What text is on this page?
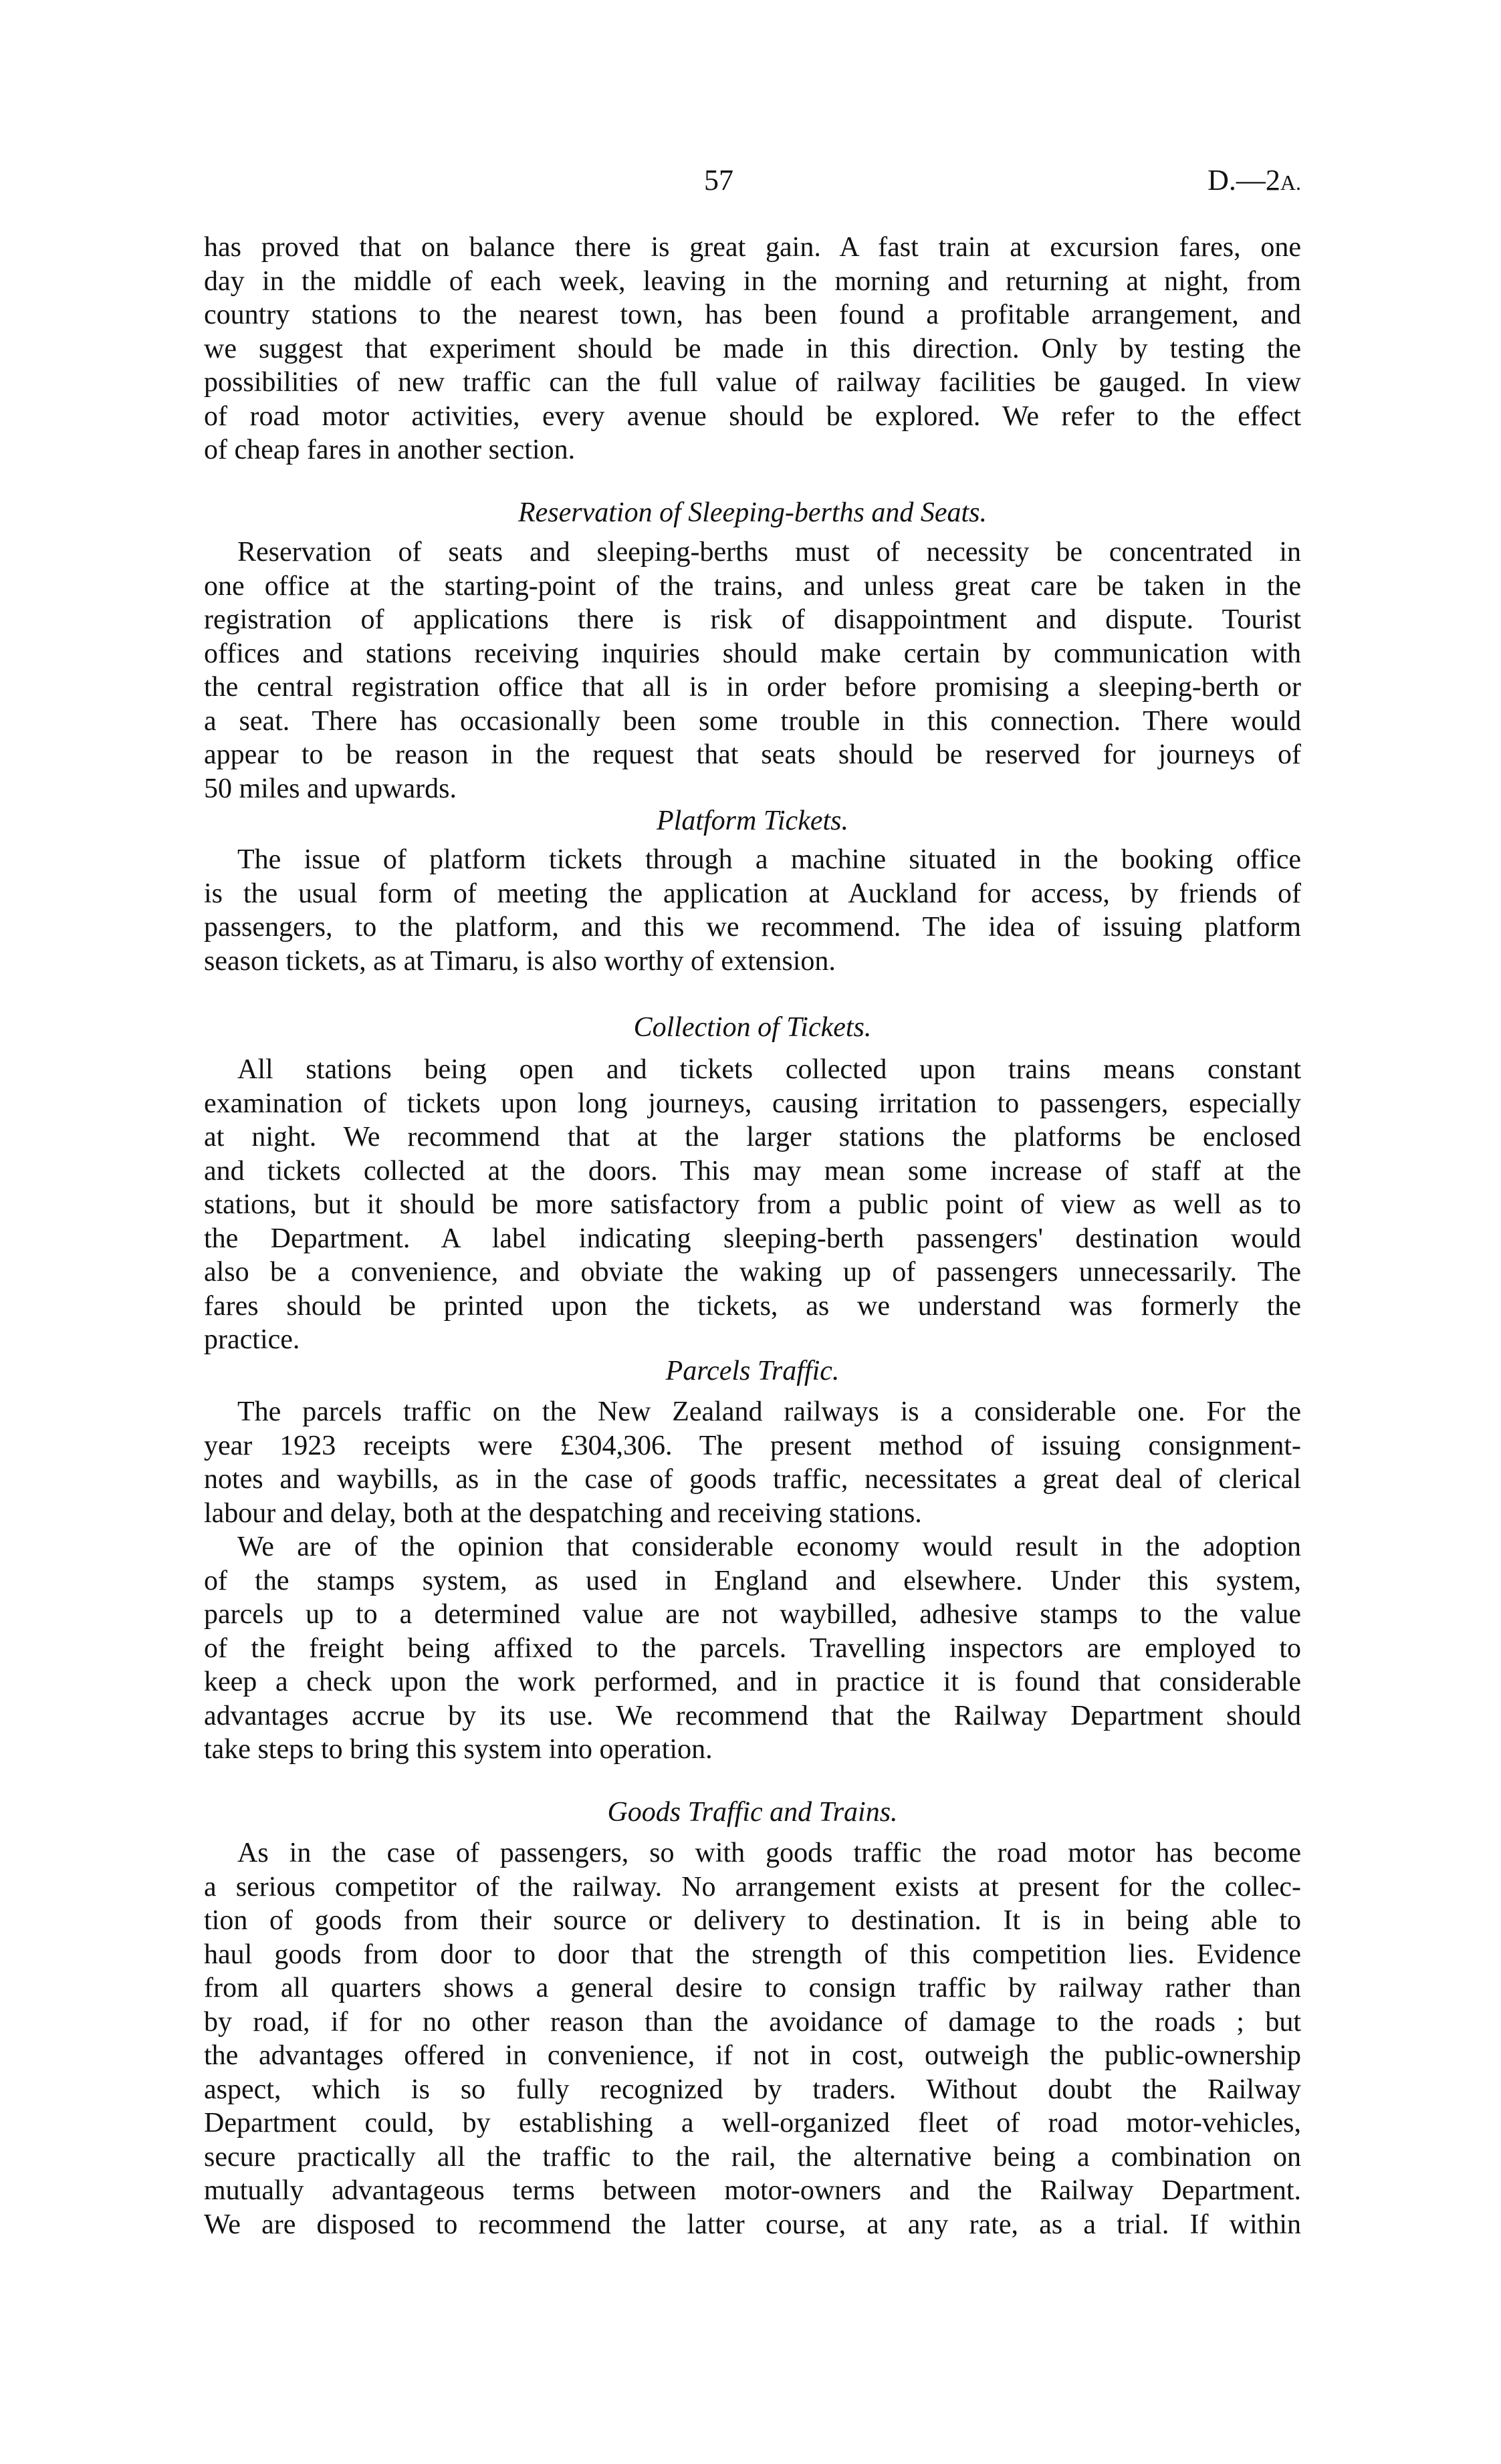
57	D.—2A.
has proved that on balance there is great gain. A fast train at excursion fares, one
day in the middle of each week, leaving in the morning and returning at night, from
country stations to the nearest town, has been found a profitable arrangement, and
we suggest that experiment should be made in this direction. Only by testing the
possibilities of new traffic can the full value of railway facilities be gauged. In view
of road motor activities, every avenue should be explored. We refer to the effect
of cheap fares in another section.
Reservation of Sleeping-berths and Seats.
Reservation of seats and sleeping-berths must of necessity be concentrated in
one office at the starting-point of the trains, and unless great care be taken in the
registration of applications there is risk of disappointment and dispute. Tourist
offices and stations receiving inquiries should make certain by communication with
the central registration office that all is in order before promising a sleeping-berth or
a seat. There has occasionally been some trouble in this connection. There would
appear to be reason in the request that seats should be reserved for journeys of
50 miles and upwards.
Platform Tickets.
The issue of platform tickets through a machine situated in the booking office
is the usual form of meeting the application at Auckland for access, by friends of
passengers, to the platform, and this we recommend. The idea of issuing platform
season tickets, as at Timaru, is also worthy of extension.
Collection of Tickets.
All stations being open and tickets collected upon trains means constant
examination of tickets upon long journeys, causing irritation to passengers, especially
at night. We recommend that at the larger stations the platforms be enclosed
and tickets collected at the doors. This may mean some increase of staff at the
stations, but it should be more satisfactory from a public point of view as well as to
the Department. A label indicating sleeping-berth passengers' destination would
also be a convenience, and obviate the waking up of passengers unnecessarily. The
fares should be printed upon the tickets, as we understand was formerly the
practice.
Parcels Traffic.
The parcels traffic on the New Zealand railways is a considerable one. For the
year 1923 receipts were £304,306. The present method of issuing consignment-
notes and waybills, as in the case of goods traffic, necessitates a great deal of clerical
labour and delay, both at the despatching and receiving stations.
We are of the opinion that considerable economy would result in the adoption
of the stamps system, as used in England and elsewhere. Under this system,
parcels up to a determined value are not waybilled, adhesive stamps to the value
of the freight being affixed to the parcels. Travelling inspectors are employed to
keep a check upon the work performed, and in practice it is found that considerable
advantages accrue by its use. We recommend that the Railway Department should
take steps to bring this system into operation.
Goods Traffic and Trains.
As in the case of passengers, so with goods traffic the road motor has become
a serious competitor of the railway. No arrangement exists at present for the collec-
tion of goods from their source or delivery to destination. It is in being able to
haul goods from door to door that the strength of this competition lies. Evidence
from all quarters shows a general desire to consign traffic by railway rather than
by road, if for no other reason than the avoidance of damage to the roads ; but
the advantages offered in convenience, if not in cost, outweigh the public-ownership
aspect, which is so fully recognized by traders. Without doubt the Railway
Department could, by establishing a well-organized fleet of road motor-vehicles,
secure practically all the traffic to the rail, the alternative being a combination on
mutually advantageous terms between motor-owners and the Railway Department.
We are disposed to recommend the latter course, at any rate, as a trial. If within
